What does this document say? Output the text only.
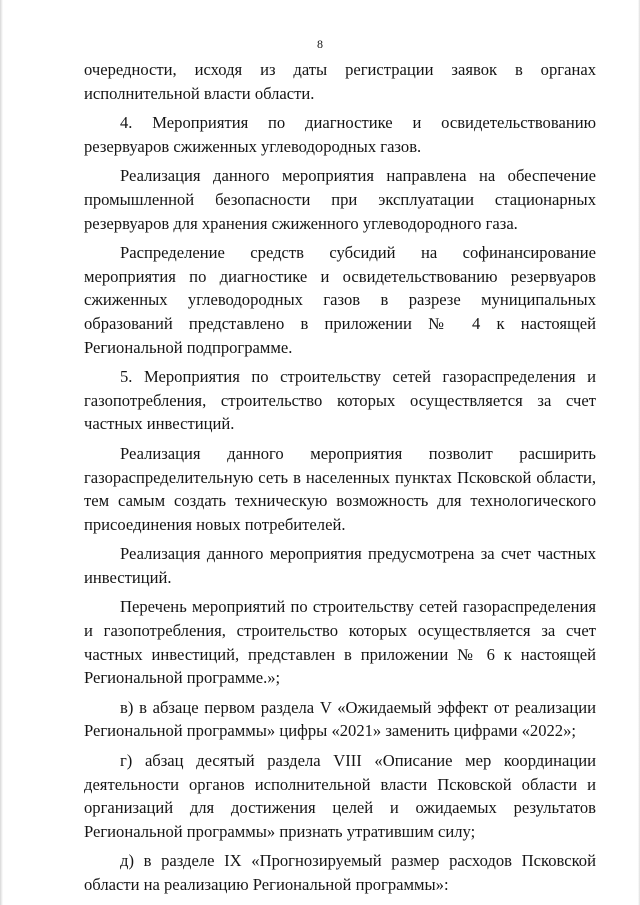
8

очередности, исходя из даты регистрации заявок в органах исполнительной власти области.

4. Мероприятия по диагностике и освидетельствованию резервуаров сжиженных углеводородных газов.

Реализация данного мероприятия направлена на обеспечение промышленной безопасности при эксплуатации стационарных резервуаров для хранения сжиженного углеводородного газа.

Распределение средств субсидий на софинансирование мероприятия по диагностике и освидетельствованию резервуаров сжиженных углеводородных газов в разрезе муниципальных образований представлено в приложении № 4 к настоящей Региональной подпрограмме.

5. Мероприятия по строительству сетей газораспределения и газопотребления, строительство которых осуществляется за счет частных инвестиций.

Реализация данного мероприятия позволит расширить газораспределительную сеть в населенных пунктах Псковской области, тем самым создать техническую возможность для технологического присоединения новых потребителей.

Реализация данного мероприятия предусмотрена за счет частных инвестиций.

Перечень мероприятий по строительству сетей газораспределения и газопотребления, строительство которых осуществляется за счет частных инвестиций, представлен в приложении № 6 к настоящей Региональной программе.»;

в) в абзаце первом раздела V «Ожидаемый эффект от реализации Региональной программы» цифры «2021» заменить цифрами «2022»;

г) абзац десятый раздела VIII «Описание мер координации деятельности органов исполнительной власти Псковской области и организаций для достижения целей и ожидаемых результатов Региональной программы» признать утратившим силу;

д) в разделе IX «Прогнозируемый размер расходов Псковской области на реализацию Региональной программы»:
